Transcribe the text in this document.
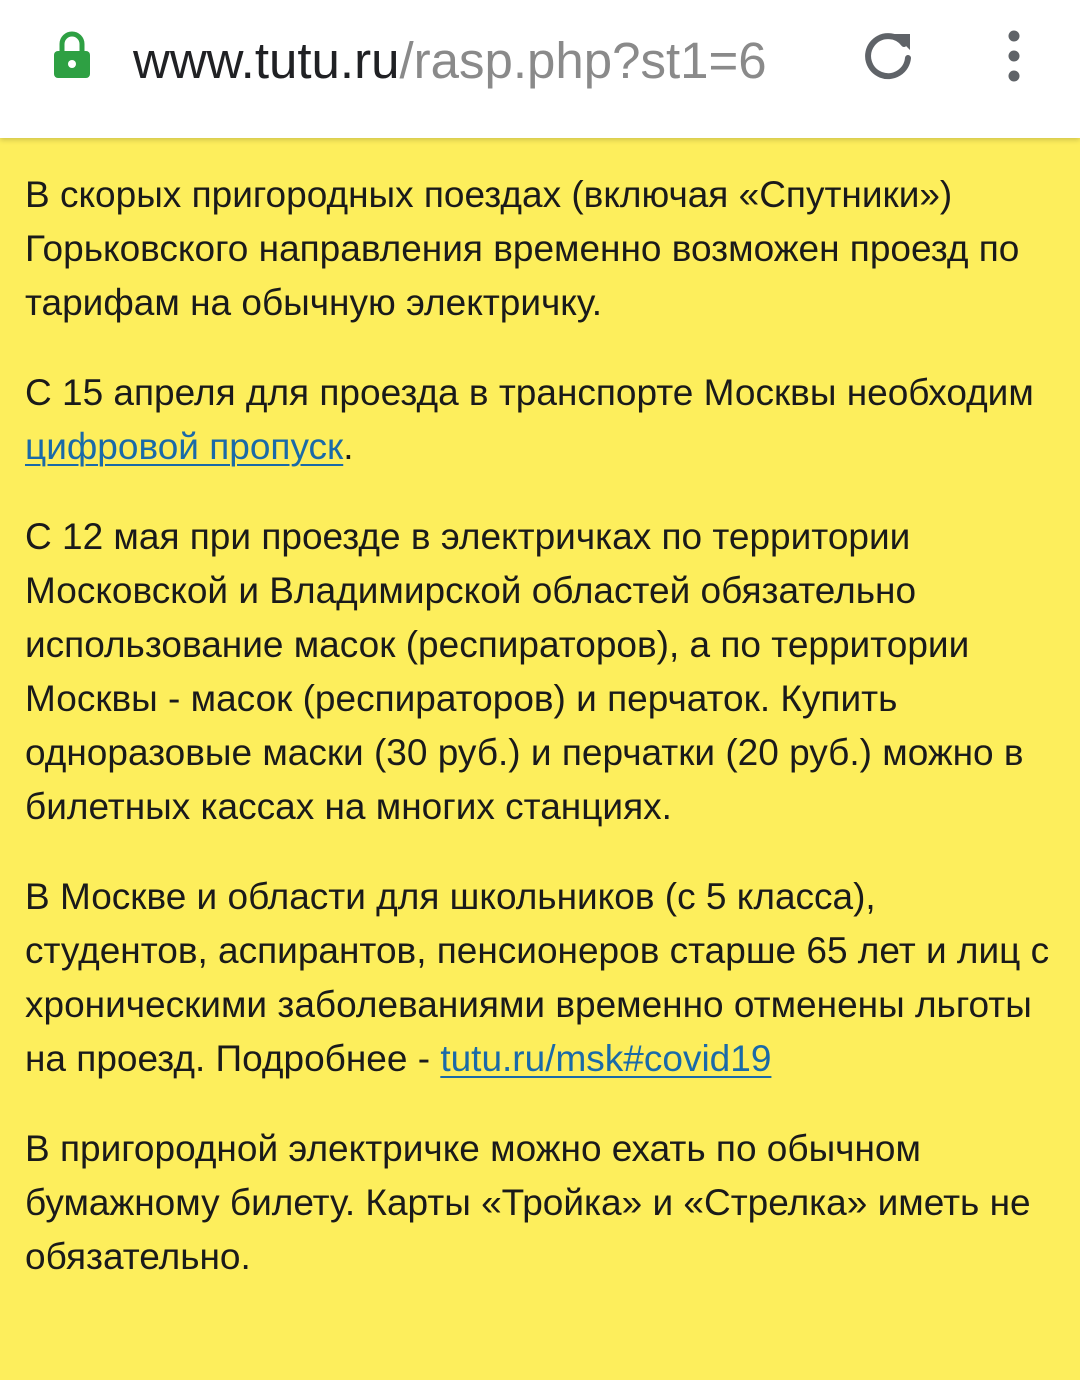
www.tutu.ru/rasp.php?st1=6

В скорых пригородных поездах (включая «Спутники») Горьковского направления временно возможен проезд по тарифам на обычную электричку.

С 15 апреля для проезда в транспорте Москвы необходим цифровой пропуск.

С 12 мая при проезде в электричках по территории Московской и Владимирской областей обязательно использование масок (респираторов), а по территории Москвы - масок (респираторов) и перчаток. Купить одноразовые маски (30 руб.) и перчатки (20 руб.) можно в билетных кассах на многих станциях.

В Москве и области для школьников (с 5 класса), студентов, аспирантов, пенсионеров старше 65 лет и лиц с хроническими заболеваниями временно отменены льготы на проезд. Подробнее - tutu.ru/msk#covid19

В пригородной электричке можно ехать по обычном бумажному билету. Карты «Тройка» и «Стрелка» иметь не обязательно.
